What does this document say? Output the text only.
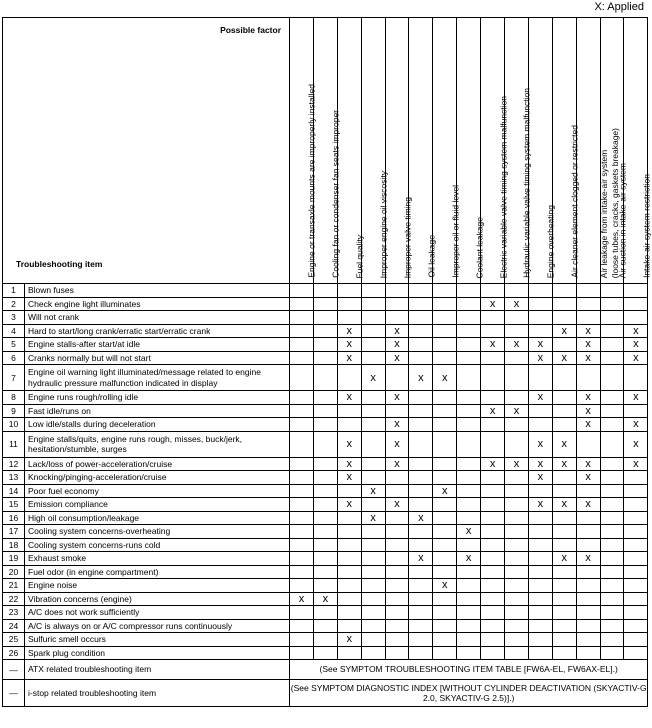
X: Applied
Possible factor
Troubleshooting item		Engine or transaxle mounts are improperly installed	Cooling fan or condenser fan seats improper	Fuel quality	Improper engine oil viscosity	Improper valve timing	Oil leakage	Improper oil or fluid level	Coolant leakage	Electric variable valve timing system malfunction	Hydraulic variable valve timing system malfunction	Engine overheating	Air cleaner element clogged or restricted	Air leakage from intake-air system
(loose tubes, cracks, gaskets breakage)	Air suction in intake-air system	Intake-air system restriction

1	Blown fuses															
2	Check engine light illuminates									x	x					
3	Will not crank															
4	Hard to start/long crank/erratic start/erratic crank			x		x							x	x		x
5	Engine stalls-after start/at idle			x		x				x	x	x		x		x
6	Cranks normally but will not start			x		x						x	x	x		x
7	Engine oil warning light illuminated/message related to engine hydraulic pressure malfunction indicated in display				x		x	x								
8	Engine runs rough/rolling idle			x		x						x		x		x
9	Fast idle/runs on									x	x			x		
10	Low idle/stalls during deceleration					x								x		x
11	Engine stalls/quits, engine runs rough, misses, buck/jerk, hesitation/stumble, surges			x		x						x	x			x
12	Lack/loss of power-acceleration/cruise			x		x				x	x	x	x	x		x
13	Knocking/pinging-acceleration/cruise			x								x		x		
14	Poor fuel economy				x			x								
15	Emission compliance			x		x						x	x	x		
16	High oil consumption/leakage				x		x									
17	Cooling system concerns-overheating								x							
18	Cooling system concerns-runs cold															
19	Exhaust smoke						x		x				x	x		
20	Fuel odor (in engine compartment)															
21	Engine noise							x								
22	Vibration concerns (engine)	x	x													
23	A/C does not work sufficiently															
24	A/C is always on or A/C compressor runs continuously															
25	Sulfuric smell occurs			x												
26	Spark plug condition															
—	ATX related troubleshooting item	(See SYMPTOM TROUBLESHOOTING ITEM TABLE [FW6A-EL, FW6AX-EL].)														
—	i-stop related troubleshooting item	(See SYMPTOM DIAGNOSTIC INDEX [WITHOUT CYLINDER DEACTIVATION (SKYACTIV-G 2.0, SKYACTIV-G 2.5)].)														
